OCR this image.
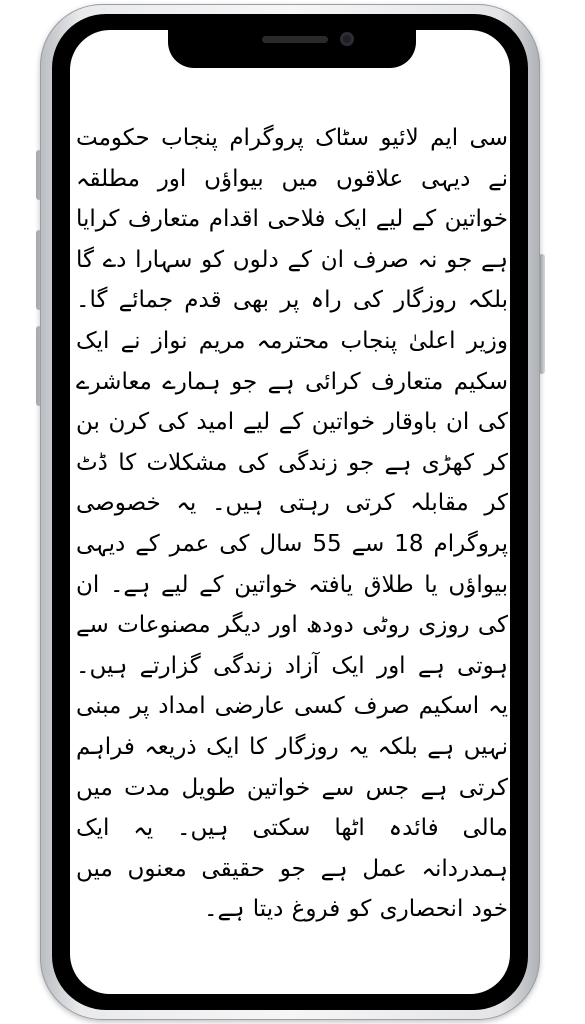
سی ایم لائیو سٹاک پروگرام پنجاب حکومت نے دیہی علاقوں میں بیواؤں اور مطلقہ خواتین کے لیے ایک فلاحی اقدام متعارف کرایا ہے جو نہ صرف ان کے دلوں کو سہارا دے گا بلکہ روزگار کی راہ پر بھی قدم جمائے گا۔ وزیر اعلیٰ پنجاب محترمہ مریم نواز نے ایک سکیم متعارف کرائی ہے جو ہمارے معاشرے کی ان باوقار خواتین کے لیے امید کی کرن بن کر کھڑی ہے جو زندگی کی مشکلات کا ڈٹ کر مقابلہ کرتی رہتی ہیں۔ یہ خصوصی پروگرام 18 سے 55 سال کی عمر کے دیہی بیواؤں یا طلاق یافتہ خواتین کے لیے ہے۔ ان کی روزی روٹی دودھ اور دیگر مصنوعات سے ہوتی ہے اور ایک آزاد زندگی گزارتے ہیں۔ یہ اسکیم صرف کسی عارضی امداد پر مبنی نہیں ہے بلکہ یہ روزگار کا ایک ذریعہ فراہم کرتی ہے جس سے خواتین طویل مدت میں مالی فائدہ اٹھا سکتی ہیں۔ یہ ایک ہمدردانہ عمل ہے جو حقیقی معنوں میں خود انحصاری کو فروغ دیتا ہے۔
